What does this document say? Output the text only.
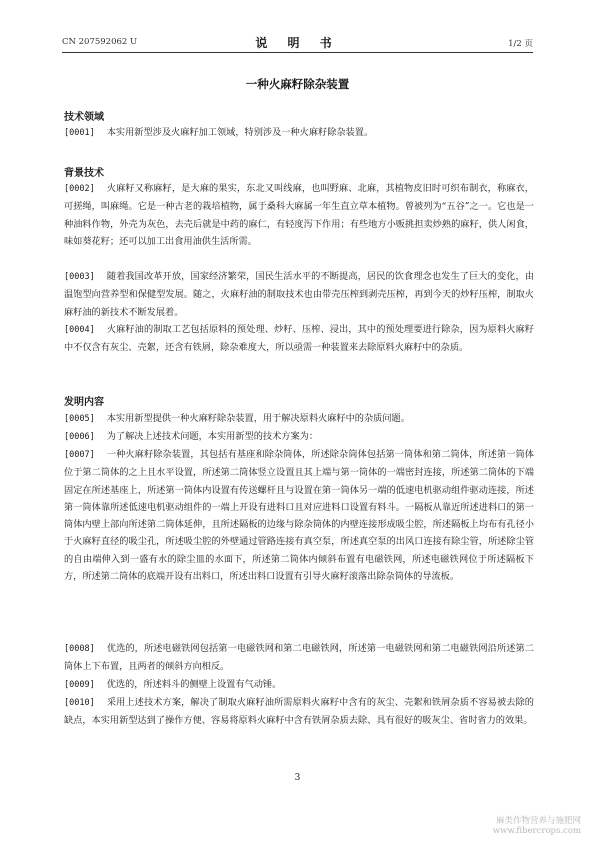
CN 207592062 U	说 明 书	1/2 页
一种火麻籽除杂装置
技术领域
[0001] 本实用新型涉及火麻籽加工领域，特别涉及一种火麻籽除杂装置。
背景技术
[0002] 火麻籽又称麻籽，是大麻的果实，东北又叫线麻，也叫野麻、北麻，其植物皮旧时可织布制衣，称麻衣，可搓绳，叫麻绳。它是一种古老的栽培植物，属于桑科大麻属一年生直立草本植物。曾被列为“五谷”之一。它也是一种油料作物，外壳为灰色，去壳后就是中药的麻仁，有轻度泻下作用；有些地方小贩挑担卖炒熟的麻籽，供人闲食，味如葵花籽；还可以加工出食用油供生活所需。
[0003] 随着我国改革开放，国家经济繁荣，国民生活水平的不断提高，居民的饮食理念也发生了巨大的变化，由温饱型向营养型和保健型发展。随之，火麻籽油的制取技术也由带壳压榨到剥壳压榨，再到今天的炒籽压榨，制取火麻籽油的新技术不断发展着。
[0004] 火麻籽油的制取工艺包括原料的预处理、炒籽、压榨、浸出，其中的预处理要进行除杂，因为原料火麻籽中不仅含有灰尘、壳絮，还含有铁屑，除杂难度大，所以亟需一种装置来去除原料火麻籽中的杂质。
发明内容
[0005] 本实用新型提供一种火麻籽除杂装置，用于解决原料火麻籽中的杂质问题。
[0006] 为了解决上述技术问题，本实用新型的技术方案为：
[0007] 一种火麻籽除杂装置，其包括有基座和除杂筒体，所述除杂筒体包括第一筒体和第二筒体，所述第一筒体位于第二筒体的之上且水平设置，所述第二筒体竖立设置且其上端与第一筒体的一端密封连接，所述第二筒体的下端固定在所述基座上，所述第一筒体内设置有传送螺杆且与设置在第一筒体另一端的低速电机驱动组件驱动连接，所述第一筒体靠所述低速电机驱动组件的一端上开设有进料口且对应进料口设置有料斗。一隔板从靠近所述进料口的第一筒体内壁上部向所述第二筒体延伸，且所述隔板的边缘与除杂筒体的内壁连接形成吸尘腔，所述隔板上均布有孔径小于火麻籽直径的吸尘孔，所述吸尘腔的外壁通过管路连接有真空泵，所述真空泵的出风口连接有除尘管，所述除尘管的自由端伸入到一盛有水的除尘皿的水面下，所述第二筒体内倾斜布置有电磁铁网，所述电磁铁网位于所述隔板下方，所述第二筒体的底端开设有出料口，所述出料口设置有引导火麻籽滚落出除杂筒体的导流板。
[0008] 优选的，所述电磁铁网包括第一电磁铁网和第二电磁铁网，所述第一电磁铁网和第二电磁铁网沿所述第二筒体上下布置，且两者的倾斜方向相反。
[0009] 优选的，所述料斗的侧壁上设置有气动锤。
[0010] 采用上述技术方案，解决了制取火麻籽油所需原料火麻籽中含有的灰尘、壳絮和铁屑杂质不容易被去除的缺点，本实用新型达到了操作方便、容易将原料火麻籽中含有铁屑杂质去除、具有很好的吸灰尘、省时省力的效果。
3
麻类作物营养与施肥网
www.fibercrops.com
